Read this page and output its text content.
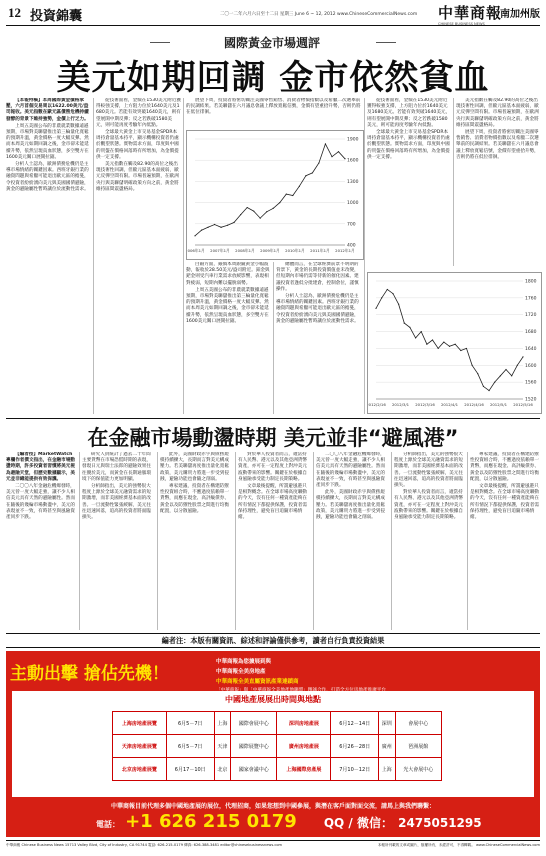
12 投資錦囊	二〇一二年六月六日至十二日 星期三 June 6 ~ 12, 2012 www.ChineseCommercialNews.com 中華商報
CHINESE BUSINESS NEWS
南加州版
國際黃金市場週評
美元如期回調 金市依然貧血

【本報特稿】本周國際黃金價格承壓，六月首個交易周以1622.00美元/盎司報收。美元指數在歐元區債務危機持續發酵的背景下維持強勢，金價上行乏力。

上周五美國公布的非農就業數據遠遜預期，市場對美聯儲推出第三輪量化寬鬆的預期升溫，黃金價格一度大幅反彈。然而本周美元如期回調之後，金市卻未能延續升勢，依然呈現貧血狀態，多空雙方在1600美元關口展開拉鋸。

分析人士認為，歐洲債務危機仍是主導市場情緒的關鍵因素。西班牙銀行業的融資問題與希臘可能退出歐元區的擔憂，令投資者紛紛湧向美元與美國國債避險，黃金的避險屬性暫時讓位於流動性需求。

從技術面看，金價在1530美元附近獲得較強支撐，上方阻力位於1640美元及1680美元。若能有效突破1640美元，則有望展開中期反彈；反之若跌破1580美元，則可能再度考驗年內低點。

全球最大黃金上市交易基金SPDR本周持倉量基本持平，顯示機構投資者仍處於觀望狀態。實物需求方面，印度與中國的買盤在價格回落時有所增加，為金價提供一定支撐。

美元指數在觸及82.90的高位之後出現技術性回調，但歐元區基本面疲弱，歐元反彈空間有限。市場普遍預期，在歐洲央行與美聯儲明確政策方向之前，黃金將維持區間震盪格局。

展望下周，投資者將密切關注美國零售銷售、消費者物價指數以及希臘二次選舉前的民調結果。若美聯儲在六月議息會議上釋放寬鬆信號，金價有望重拾升勢，否則仍將在低位徘徊。

1900
1600
1300
1000
700
400
2006年1月 2007年1月 2008年1月 2009年1月 2010年1月 2011年1月 2012年1月

白銀方面，銀價本周跟隨黃金小幅波動，報收於28.50美元/盎司附近。鉑金與鈀金則受汽車行業需求放緩影響，表現相對疲弱，短期內難以擺脫弱勢。

上周五美國公布的非農就業數據遠遜預期，市場對美聯儲推出第三輪量化寬鬆的預期升溫，黃金價格一度大幅反彈。然而本周美元如期回調之後，金市卻未能延續升勢，依然呈現貧血狀態，多空雙方在1600美元關口展開拉鋸。

總體而言，在全球經濟前景不明朗的背景下，黃金的長期投資價值並未改變，但短期內市場仍需等待新的催化因素。建議投資者逢低分批建倉，控制倉位，謹慎操作。

分析人士認為，歐洲債務危機仍是主導市場情緒的關鍵因素。西班牙銀行業的融資問題與希臘可能退出歐元區的擔憂，令投資者紛紛湧向美元與美國國債避險，黃金的避險屬性暫時讓位於流動性需求。

從技術面看，金價在1530美元附近獲得較強支撐，上方阻力位於1640美元及1680美元。若能有效突破1640美元，則有望展開中期反彈；反之若跌破1580美元，則可能再度考驗年內低點。

全球最大黃金上市交易基金SPDR本周持倉量基本持平，顯示機構投資者仍處於觀望狀態。實物需求方面，印度與中國的買盤在價格回落時有所增加，為金價提供一定支撐。

美元指數在觸及82.90的高位之後出現技術性回調，但歐元區基本面疲弱，歐元反彈空間有限。市場普遍預期，在歐洲央行與美聯儲明確政策方向之前，黃金將維持區間震盪格局。

展望下周，投資者將密切關注美國零售銷售、消費者物價指數以及希臘二次選舉前的民調結果。若美聯儲在六月議息會議上釋放寬鬆信號，金價有望重拾升勢，否則仍將在低位徘徊。

1800
1760
1720
1680
1640
1600
1560
1520
2012/2/16 2012/3/1 2012/3/16 2012/4/1 2012/4/16 2012/5/1 2012/5/16
在金融市場動盪時期 美元並非“避風港”

【編者按】MarketWatch專欄作者撰文指出，在金融市場動盪時期，許多投資者習慣將美元視為避險天堂，但歷史數據顯示，美元並非總能提供有效保護。

二〇〇八年金融危機爆發時，美元曾一度大幅走強，讓不少人相信美元具有天然的避險屬性。然而在隨後的幾輪市場動盪中，美元的表現並不一致，有時甚至與風險資產同步下跌。

研究人員統計了過去二十年間主要貨幣在市場恐慌時期的表現，發現日元與瑞士法郎的避險效果往往優於美元，而黃金在長期通脹環境下的保值能力更加明顯。

分析師指出，美元的強勢很大程度上源於全球美元融資需求的短期激增，而非美國經濟基本面的改善。一旦流動性緊張緩解，美元往往迅速回落，追高的投資者將面臨損失。

此外，美國財政赤字與債務規模持續擴大，長期而言對美元構成壓力。若美聯儲再度推出量化寬鬆政策，美元購買力將進一步受到侵蝕，避險功能也會隨之削弱。

專家建議，投資者在構建防禦性投資組合時，不應過度依賴單一貨幣，而應在現金、高評級債券、黃金以及防禦性股票之間進行均衡配置，以分散風險。

對於華人投資者而言，適當持有人民幣、港元以及其他亞洲貨幣資產，亦可在一定程度上對沖美元波動帶來的影響。關鍵在於根據自身風險承受能力制定長期策略。

文章最後提醒，所謂避風港只是相對概念。在全球市場高度聯動的今天，沒有任何一種資產能夠在所有情況下都提供保護，投資者需保持理性，避免盲目追隨市場情緒。

二〇〇八年金融危機爆發時，美元曾一度大幅走強，讓不少人相信美元具有天然的避險屬性。然而在隨後的幾輪市場動盪中，美元的表現並不一致，有時甚至與風險資產同步下跌。

此外，美國財政赤字與債務規模持續擴大，長期而言對美元構成壓力。若美聯儲再度推出量化寬鬆政策，美元購買力將進一步受到侵蝕，避險功能也會隨之削弱。

分析師指出，美元的強勢很大程度上源於全球美元融資需求的短期激增，而非美國經濟基本面的改善。一旦流動性緊張緩解，美元往往迅速回落，追高的投資者將面臨損失。

對於華人投資者而言，適當持有人民幣、港元以及其他亞洲貨幣資產，亦可在一定程度上對沖美元波動帶來的影響。關鍵在於根據自身風險承受能力制定長期策略。

專家建議，投資者在構建防禦性投資組合時，不應過度依賴單一貨幣，而應在現金、高評級債券、黃金以及防禦性股票之間進行均衡配置，以分散風險。

文章最後提醒，所謂避風港只是相對概念。在全球市場高度聯動的今天，沒有任何一種資產能夠在所有情況下都提供保護，投資者需保持理性，避免盲目追隨市場情緒。

編者注：本版有關資訊、綜述和評論僅供參考，讀者自行負責投資結果
主動出擊 搶佔先機！
中華商報為您擴展到與
中華商報全美房地產
中華商報全美直屬資訊產業連鎖商
中國地產展展出時間與地點
上海房地產展覽	6月5－7日	上海	國際會展中心	深圳房地產展	6月12－14日	深圳	會展中心
天津房地產展覽	6月5－7日	天津	國際展覽中心	廣州房地產展	6月26－28日	廣州	琶洲展館
北京房地產展覽	6月17－10日	北京	國家會議中心	上海國際房產展	7月10－12日	上海	光大會展中心
中華商報目前代理多個中國地產展的展位，代理招商，如果您想到中國參展，與潛在客戶面對面交流，請馬上與我們聯繫：
電話： +1 626 215 0179 QQ / 微信： 2475051295
中華商報 Chinese Business News 15713 Valley Blvd, City of Industry, CA 91744 電話: 626-215-0179 傳真: 626-388-3481 editor@chinesebusinessnews.com	本報所刊載的文章或圖片，版權所有，未經許可，不得轉載。 www.ChineseCommercialNews.com
